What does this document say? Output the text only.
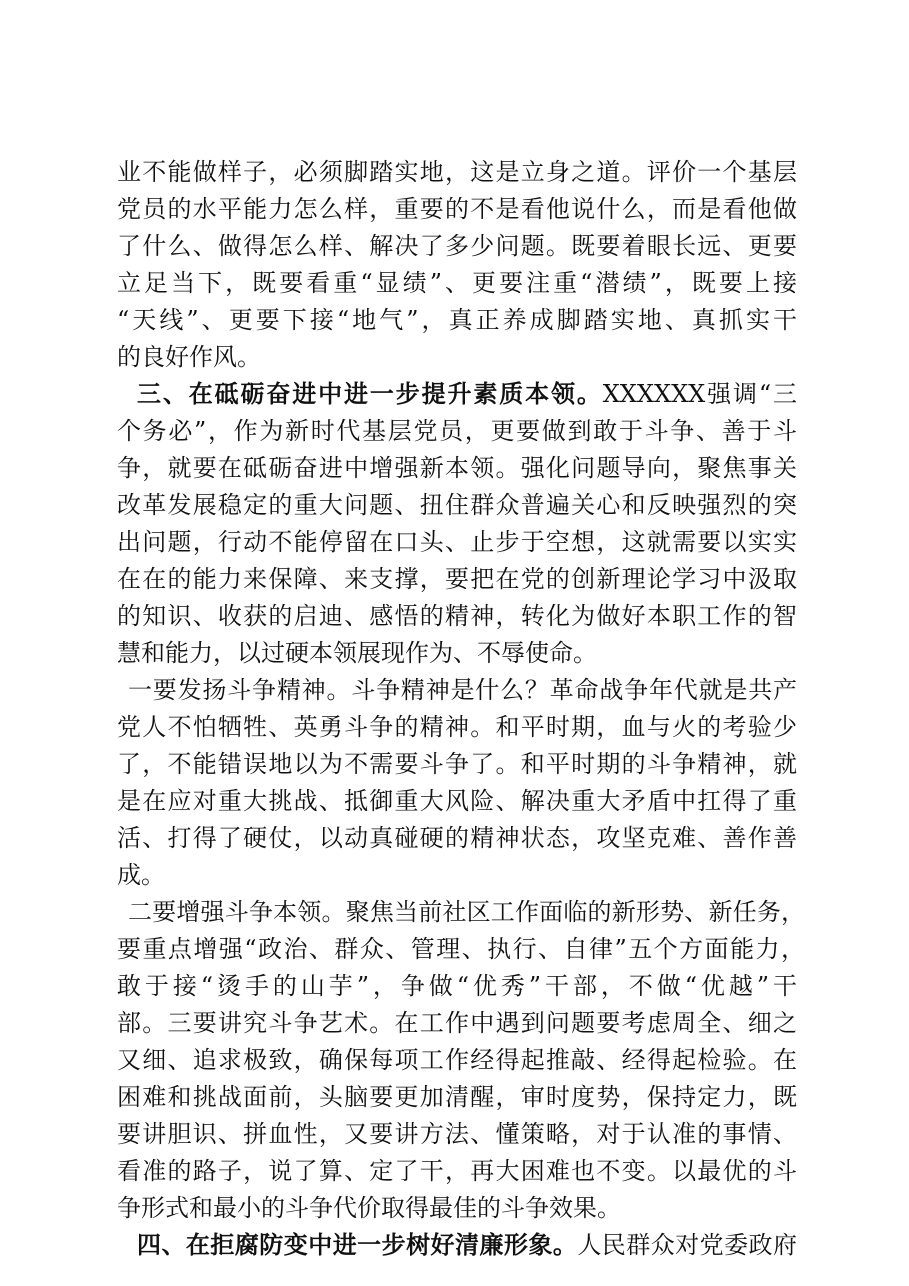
业不能做样子，必须脚踏实地，这是立身之道。评价一个基层
党员的水平能力怎么样，重要的不是看他说什么，而是看他做
了什么、做得怎么样、解决了多少问题。既要着眼长远、更要
立足当下，既要看重“显绩”、更要注重“潜绩”，既要上接
“天线”、更要下接“地气”，真正养成脚踏实地、真抓实干
的良好作风。
三、在砥砺奋进中进一步提升素质本领。XXXXXX强调“三
个务必”，作为新时代基层党员，更要做到敢于斗争、善于斗
争，就要在砥砺奋进中增强新本领。强化问题导向，聚焦事关
改革发展稳定的重大问题、扭住群众普遍关心和反映强烈的突
出问题，行动不能停留在口头、止步于空想，这就需要以实实
在在的能力来保障、来支撑，要把在党的创新理论学习中汲取
的知识、收获的启迪、感悟的精神，转化为做好本职工作的智
慧和能力，以过硬本领展现作为、不辱使命。
一要发扬斗争精神。斗争精神是什么？革命战争年代就是共产
党人不怕牺牲、英勇斗争的精神。和平时期，血与火的考验少
了，不能错误地以为不需要斗争了。和平时期的斗争精神，就
是在应对重大挑战、抵御重大风险、解决重大矛盾中扛得了重
活、打得了硬仗，以动真碰硬的精神状态，攻坚克难、善作善
成。
二要增强斗争本领。聚焦当前社区工作面临的新形势、新任务，
要重点增强“政治、群众、管理、执行、自律”五个方面能力，
敢于接“烫手的山芋”，争做“优秀”干部，不做“优越”干
部。三要讲究斗争艺术。在工作中遇到问题要考虑周全、细之
又细、追求极致，确保每项工作经得起推敲、经得起检验。在
困难和挑战面前，头脑要更加清醒，审时度势，保持定力，既
要讲胆识、拼血性，又要讲方法、懂策略，对于认准的事情、
看准的路子，说了算、定了干，再大困难也不变。以最优的斗
争形式和最小的斗争代价取得最佳的斗争效果。
四、在拒腐防变中进一步树好清廉形象。人民群众对党委政府
